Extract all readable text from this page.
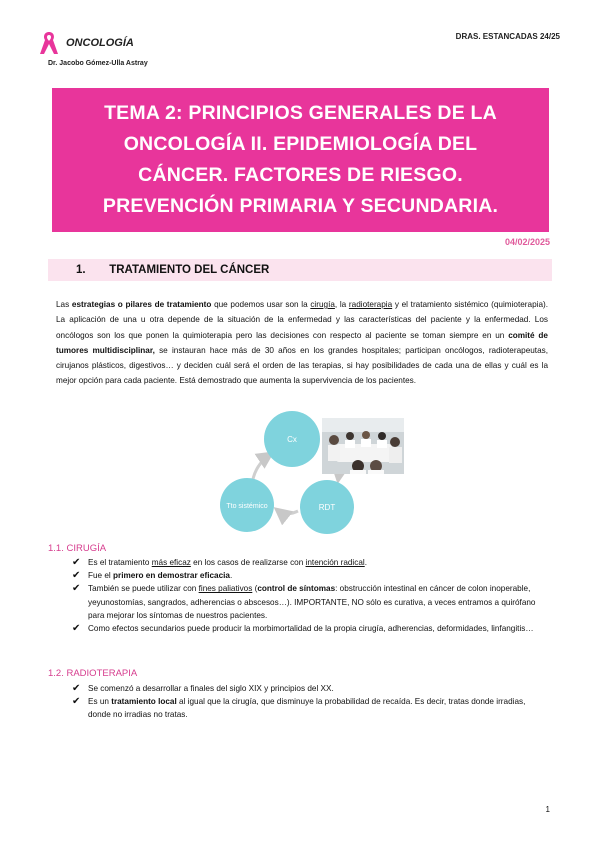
ONCOLOGÍA
DRAS. ESTANCADAS 24/25
Dr. Jacobo Gómez-Ulla Astray
TEMA 2: PRINCIPIOS GENERALES DE LA
ONCOLOGÍA II. EPIDEMIOLOGÍA DEL
CÁNCER. FACTORES DE RIESGO.
PREVENCIÓN PRIMARIA Y SECUNDARIA.
04/02/2025
1. TRATAMIENTO DEL CÁNCER
Las estrategias o pilares de tratamiento que podemos usar son la cirugía, la radioterapia y el tratamiento sistémico (quimioterapia). La aplicación de una u otra depende de la situación de la enfermedad y las características del paciente y la enfermedad. Los oncólogos son los que ponen la quimioterapia pero las decisiones con respecto al paciente se toman siempre en un comité de tumores multidisciplinar, se instauran hace más de 30 años en los grandes hospitales; participan oncólogos, radioterapeutas, cirujanos plásticos, digestivos… y deciden cuál será el orden de las terapias, si hay posibilidades de cada una de ellas y cuál es la mejor opción para cada paciente. Está demostrado que aumenta la supervivencia de los pacientes.
Cx
RDT
Tto sistémico
1.1. CIRUGÍA

✔ Es el tratamiento más eficaz en los casos de realizarse con intención radical.

✔ Fue el primero en demostrar eficacia.

✔ También se puede utilizar con fines paliativos (control de síntomas: obstrucción intestinal en cáncer de colon inoperable, yeyunostomías, sangrados, adherencias o abscesos…). IMPORTANTE, NO sólo es curativa, a veces entramos a quirófano para mejorar los síntomas de nuestros pacientes.

✔ Como efectos secundarios puede producir la morbimortalidad de la propia cirugía, adherencias, deformidades, linfangitis…

1.2. RADIOTERAPIA

✔ Se comenzó a desarrollar a finales del siglo XIX y principios del XX.

✔ Es un tratamiento local al igual que la cirugía, que disminuye la probabilidad de recaída. Es decir, tratas donde irradias, donde no irradias no tratas.

1
